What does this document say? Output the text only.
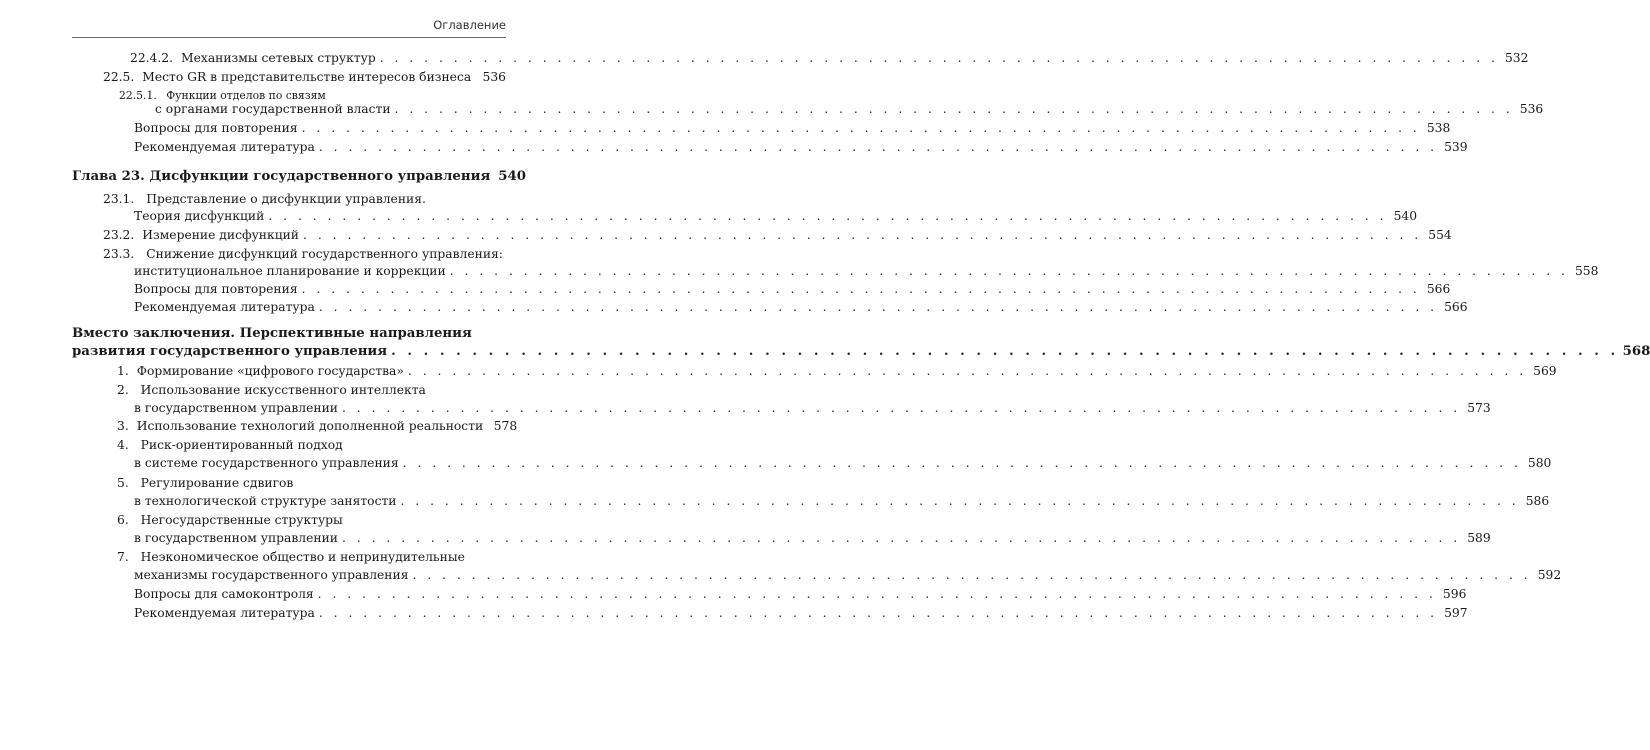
Оглавление
22.4.2. Механизмы сетевых структур . . . . . . . . . . . . . . . . . . . . . . . . . . . . . . . . . . . . . . . . . . . . . . . . . . . . . . . . . . . . . . . . . . . . . . . . . . . . 532
22.5. Место GR в представительстве интересов бизнеса 536
22.5.1. Функции отделов по связям
с органами государственной власти . . . . . . . . . . . . . . . . . . . . . . . . . . . . . . . . . . . . . . . . . . . . . . . . . . . . . . . . . . . . . . . . . . . . . . . . . . . . 536
Вопросы для повторения . . . . . . . . . . . . . . . . . . . . . . . . . . . . . . . . . . . . . . . . . . . . . . . . . . . . . . . . . . . . . . . . . . . . . . . . . . . . 538
Рекомендуемая литература . . . . . . . . . . . . . . . . . . . . . . . . . . . . . . . . . . . . . . . . . . . . . . . . . . . . . . . . . . . . . . . . . . . . . . . . . . . . 539
Глава 23. Дисфункции государственного управления 540
23.1. Представление о дисфункции управления.
Теория дисфункций . . . . . . . . . . . . . . . . . . . . . . . . . . . . . . . . . . . . . . . . . . . . . . . . . . . . . . . . . . . . . . . . . . . . . . . . . . . . 540
23.2. Измерение дисфункций . . . . . . . . . . . . . . . . . . . . . . . . . . . . . . . . . . . . . . . . . . . . . . . . . . . . . . . . . . . . . . . . . . . . . . . . . . . . 554
23.3. Снижение дисфункций государственного управления:
институциональное планирование и коррекции . . . . . . . . . . . . . . . . . . . . . . . . . . . . . . . . . . . . . . . . . . . . . . . . . . . . . . . . . . . . . . . . . . . . . . . . . . . . 558
Вопросы для повторения . . . . . . . . . . . . . . . . . . . . . . . . . . . . . . . . . . . . . . . . . . . . . . . . . . . . . . . . . . . . . . . . . . . . . . . . . . . . 566
Рекомендуемая литература . . . . . . . . . . . . . . . . . . . . . . . . . . . . . . . . . . . . . . . . . . . . . . . . . . . . . . . . . . . . . . . . . . . . . . . . . . . . 566
Вместо заключения. Перспективные направления
развития государственного управления . . . . . . . . . . . . . . . . . . . . . . . . . . . . . . . . . . . . . . . . . . . . . . . . . . . . . . . . . . . . . . . . . . . . . . . . . . . . 568
1. Формирование «цифрового государства» . . . . . . . . . . . . . . . . . . . . . . . . . . . . . . . . . . . . . . . . . . . . . . . . . . . . . . . . . . . . . . . . . . . . . . . . . . . . 569
2. Использование искусственного интеллекта
в государственном управлении . . . . . . . . . . . . . . . . . . . . . . . . . . . . . . . . . . . . . . . . . . . . . . . . . . . . . . . . . . . . . . . . . . . . . . . . . . . . 573
3. Использование технологий дополненной реальности 578
4. Риск-ориентированный подход
в системе государственного управления . . . . . . . . . . . . . . . . . . . . . . . . . . . . . . . . . . . . . . . . . . . . . . . . . . . . . . . . . . . . . . . . . . . . . . . . . . . . 580
5. Регулирование сдвигов
в технологической структуре занятости . . . . . . . . . . . . . . . . . . . . . . . . . . . . . . . . . . . . . . . . . . . . . . . . . . . . . . . . . . . . . . . . . . . . . . . . . . . . 586
6. Негосударственные структуры
в государственном управлении . . . . . . . . . . . . . . . . . . . . . . . . . . . . . . . . . . . . . . . . . . . . . . . . . . . . . . . . . . . . . . . . . . . . . . . . . . . . 589
7. Неэкономическое общество и непринудительные
механизмы государственного управления . . . . . . . . . . . . . . . . . . . . . . . . . . . . . . . . . . . . . . . . . . . . . . . . . . . . . . . . . . . . . . . . . . . . . . . . . . . . 592
Вопросы для самоконтроля . . . . . . . . . . . . . . . . . . . . . . . . . . . . . . . . . . . . . . . . . . . . . . . . . . . . . . . . . . . . . . . . . . . . . . . . . . . . 596
Рекомендуемая литература . . . . . . . . . . . . . . . . . . . . . . . . . . . . . . . . . . . . . . . . . . . . . . . . . . . . . . . . . . . . . . . . . . . . . . . . . . . . 597
